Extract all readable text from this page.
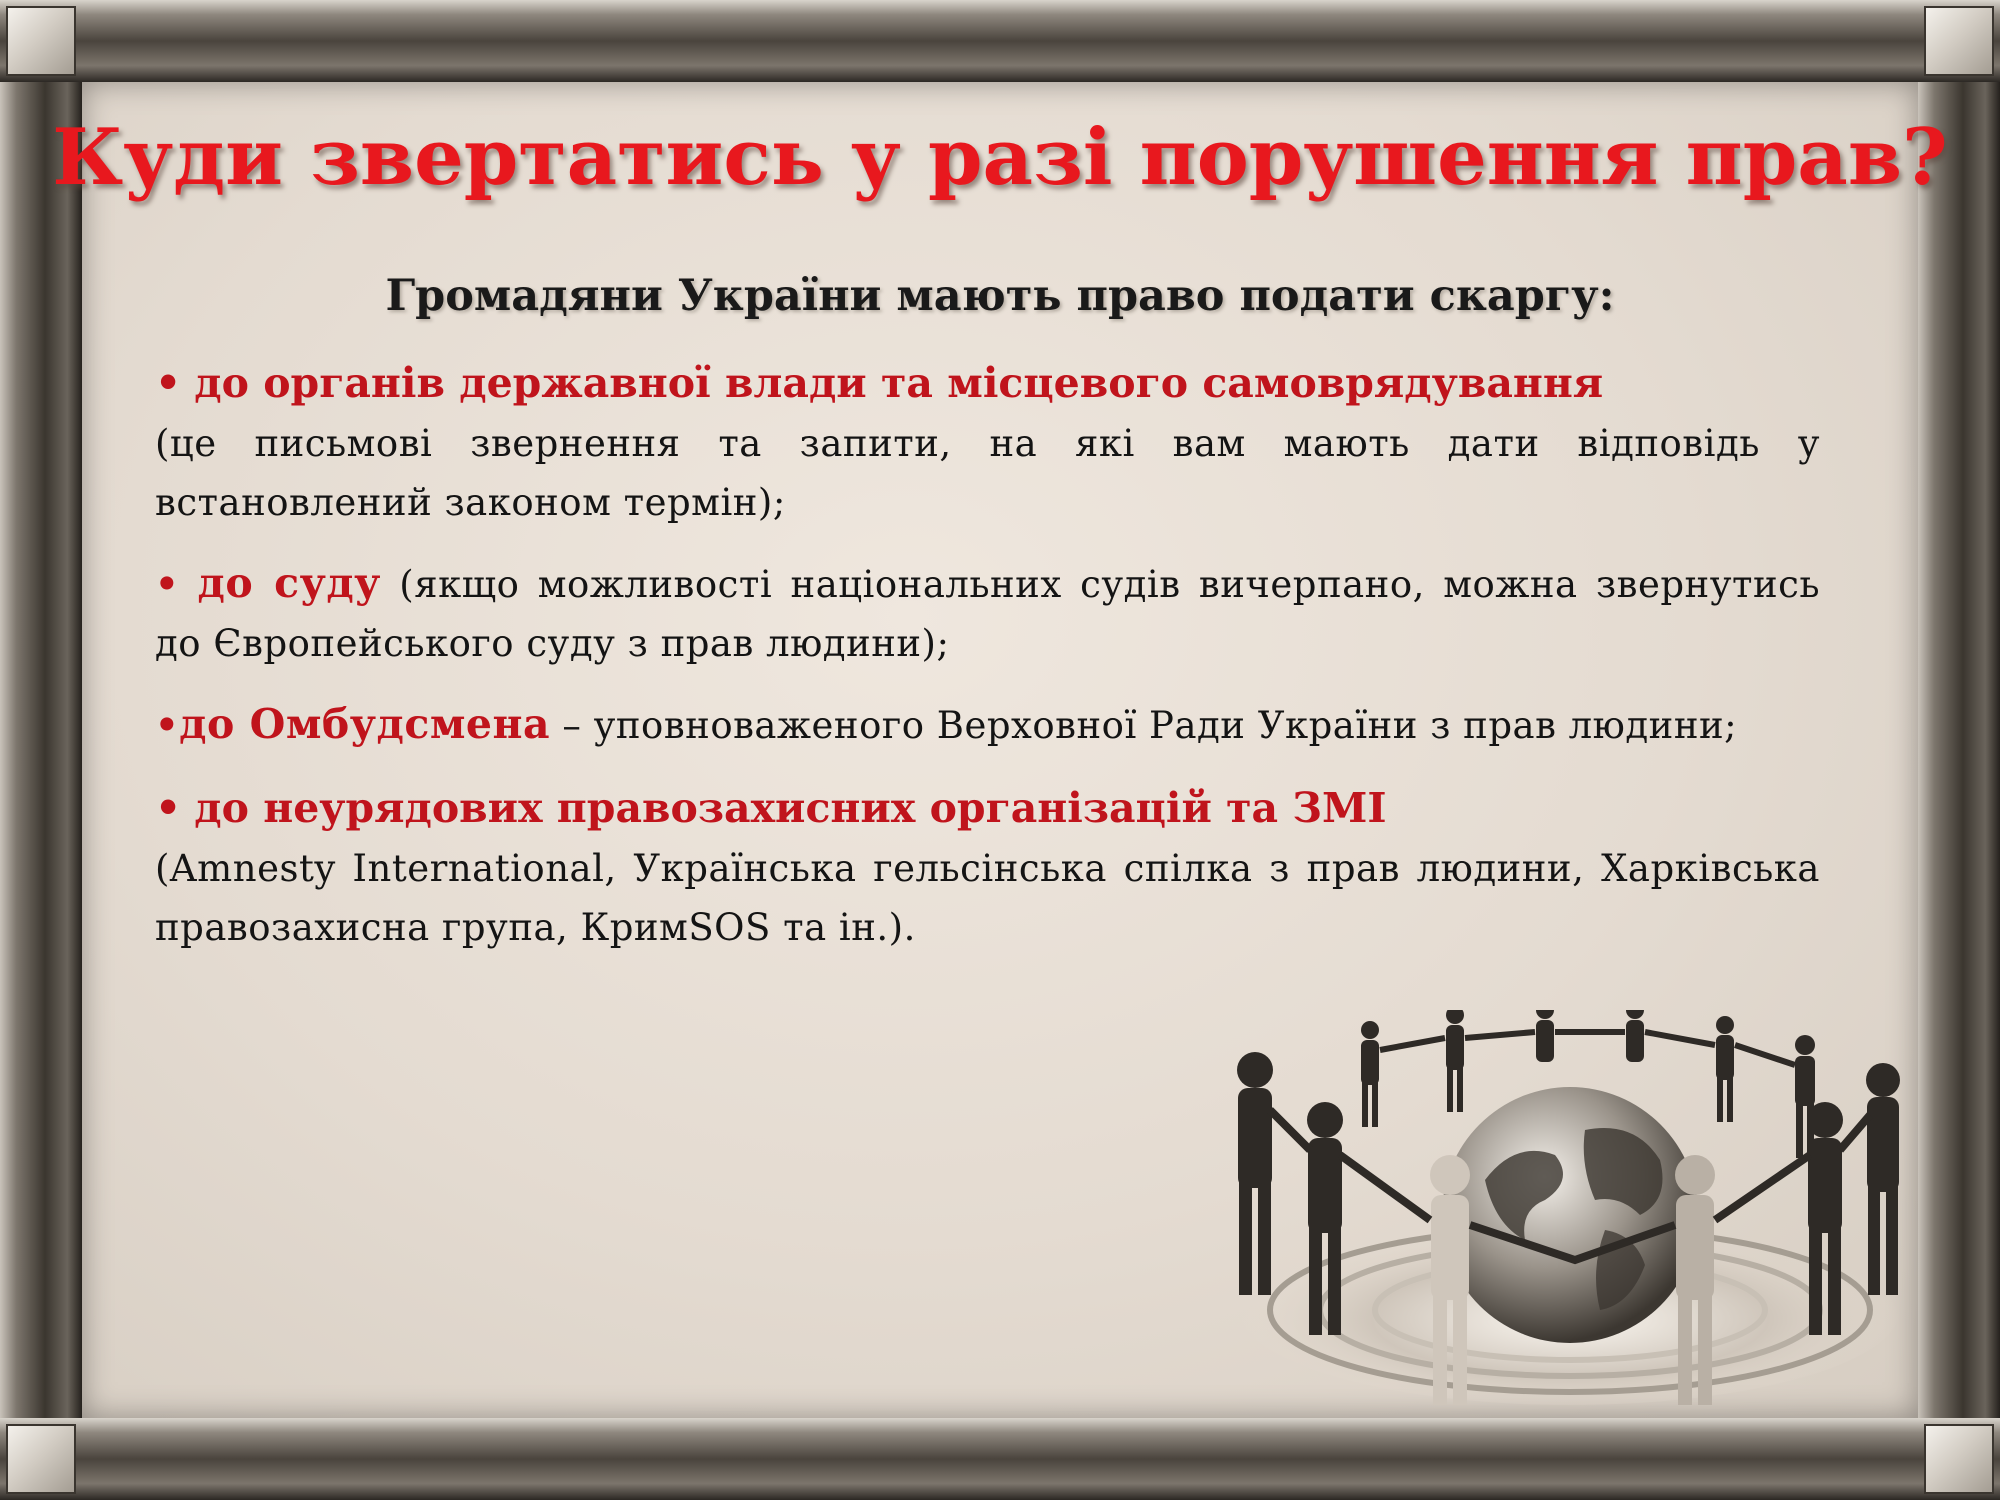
Куди звертатись у разі порушення прав?
Громадяни України мають право подати скаргу:

• до органів державної влади та місцевого самоврядування

(це письмові звернення та запити, на які вам мають дати відповідь у встановлений законом термін);

• до суду (якщо можливості національних судів вичерпано, можна звернутись до Європейського суду з прав людини);

•до Омбудсмена – уповноваженого Верховної Ради України з прав людини;

• до неурядових правозахисних організацій та ЗМІ

(Amnesty International, Українська гельсінська спілка з прав людини, Харківська правозахисна група, КримSOS та ін.).
